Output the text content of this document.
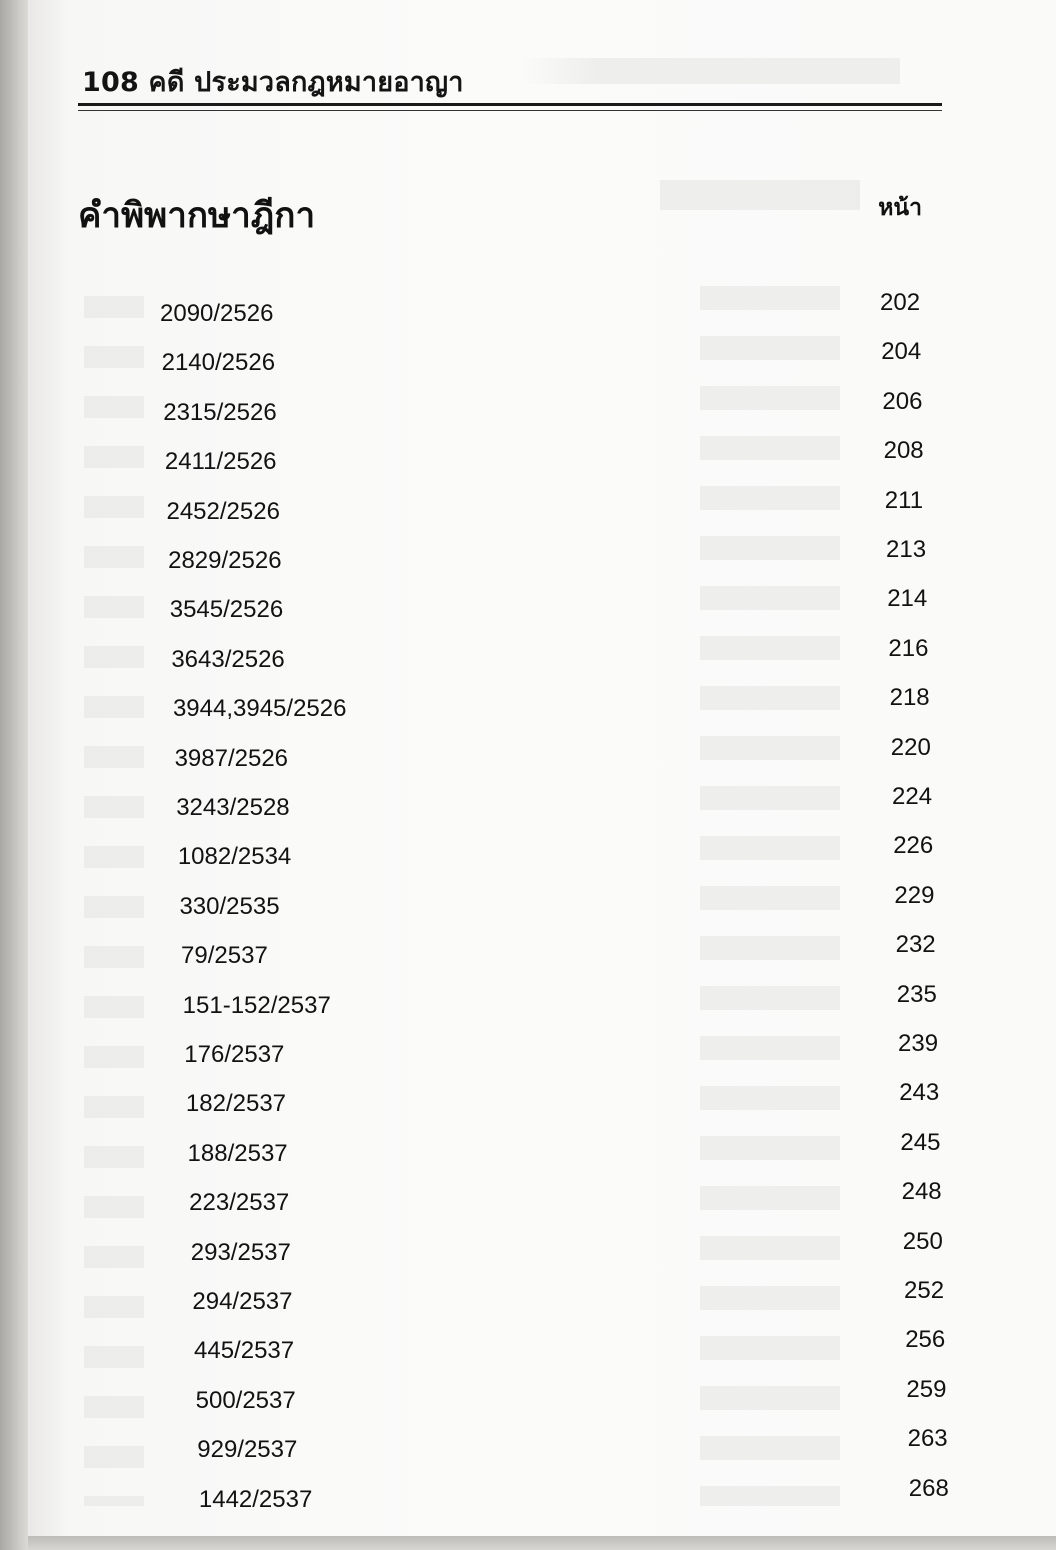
108 คดี ประมวลกฎหมายอาญา
คำพิพากษาฎีกา	หน้า
2090/2526	202
2140/2526	204
2315/2526	206
2411/2526	208
2452/2526	211
2829/2526	213
3545/2526	214
3643/2526	216
3944,3945/2526	218
3987/2526	220
3243/2528	224
1082/2534	226
330/2535	229
79/2537	232
151-152/2537	235
176/2537	239
182/2537	243
188/2537	245
223/2537	248
293/2537	250
294/2537	252
445/2537	256
500/2537	259
929/2537	263
1442/2537	268
